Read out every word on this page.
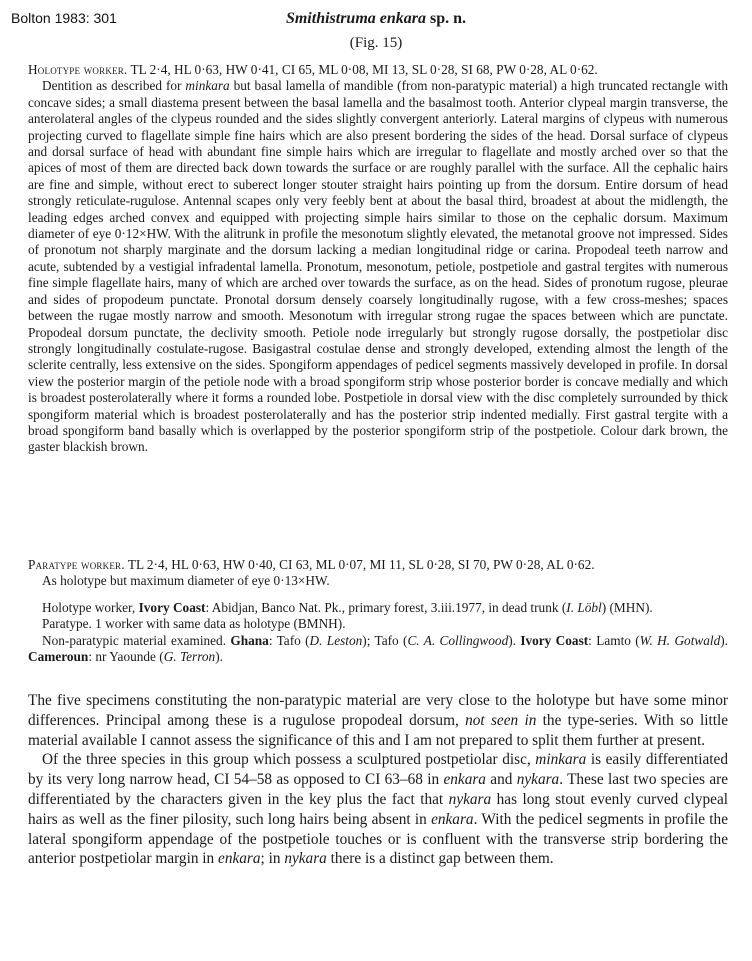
Bolton 1983: 301	Smithistruma enkara sp. n.
(Fig. 15)

Holotype worker. TL 2·4, HL 0·63, HW 0·41, CI 65, ML 0·08, MI 13, SL 0·28, SI 68, PW 0·28, AL 0·62.

Dentition as described for minkara but basal lamella of mandible (from non-paratypic material) a high truncated rectangle with concave sides; a small diastema present between the basal lamella and the basalmost tooth. Anterior clypeal margin transverse, the anterolateral angles of the clypeus rounded and the sides slightly convergent anteriorly. Lateral margins of clypeus with numerous projecting curved to flagellate simple fine hairs which are also present bordering the sides of the head. Dorsal surface of clypeus and dorsal surface of head with abundant fine simple hairs which are irregular to flagellate and mostly arched over so that the apices of most of them are directed back down towards the surface or are roughly parallel with the surface. All the cephalic hairs are fine and simple, without erect to suberect longer stouter straight hairs pointing up from the dorsum. Entire dorsum of head strongly reticulate-rugulose. Antennal scapes only very feebly bent at about the basal third, broadest at about the midlength, the leading edges arched convex and equipped with projecting simple hairs similar to those on the cephalic dorsum. Maximum diameter of eye 0·12×HW. With the alitrunk in profile the mesonotum slightly elevated, the metanotal groove not impressed. Sides of pronotum not sharply marginate and the dorsum lacking a median longitudinal ridge or carina. Propodeal teeth narrow and acute, subtended by a vestigial infradental lamella. Pronotum, mesonotum, petiole, postpetiole and gastral tergites with numerous fine simple flagellate hairs, many of which are arched over towards the surface, as on the head. Sides of pronotum rugose, pleurae and sides of propodeum punctate. Pronotal dorsum densely coarsely longitudinally rugose, with a few cross-meshes; spaces between the rugae mostly narrow and smooth. Mesonotum with irregular strong rugae the spaces between which are punctate. Propodeal dorsum punctate, the declivity smooth. Petiole node irregularly but strongly rugose dorsally, the postpetiolar disc strongly longitudinally costulate-rugose. Basigastral costulae dense and strongly developed, extending almost the length of the sclerite centrally, less extensive on the sides. Spongiform appendages of pedicel segments massively developed in profile. In dorsal view the posterior margin of the petiole node with a broad spongiform strip whose posterior border is concave medially and which is broadest posterolaterally where it forms a rounded lobe. Postpetiole in dorsal view with the disc completely surrounded by thick spongiform material which is broadest posterolaterally and has the posterior strip indented medially. First gastral tergite with a broad spongiform band basally which is overlapped by the posterior spongiform strip of the postpetiole. Colour dark brown, the gaster blackish brown.

Paratype worker. TL 2·4, HL 0·63, HW 0·40, CI 63, ML 0·07, MI 11, SL 0·28, SI 70, PW 0·28, AL 0·62.

As holotype but maximum diameter of eye 0·13×HW.

Holotype worker, Ivory Coast: Abidjan, Banco Nat. Pk., primary forest, 3.iii.1977, in dead trunk (I. Löbl) (MHN).

Paratype. 1 worker with same data as holotype (BMNH).

Non-paratypic material examined. Ghana: Tafo (D. Leston); Tafo (C. A. Collingwood). Ivory Coast: Lamto (W. H. Gotwald). Cameroun: nr Yaounde (G. Terron).

The five specimens constituting the non-paratypic material are very close to the holotype but have some minor differences. Principal among these is a rugulose propodeal dorsum, not seen in the type-series. With so little material available I cannot assess the significance of this and I am not prepared to split them further at present.

Of the three species in this group which possess a sculptured postpetiolar disc, minkara is easily differentiated by its very long narrow head, CI 54–58 as opposed to CI 63–68 in enkara and nykara. These last two species are differentiated by the characters given in the key plus the fact that nykara has long stout evenly curved clypeal hairs as well as the finer pilosity, such long hairs being absent in enkara. With the pedicel segments in profile the lateral spongiform appendage of the postpetiole touches or is confluent with the transverse strip bordering the anterior postpetiolar margin in enkara; in nykara there is a distinct gap between them.
